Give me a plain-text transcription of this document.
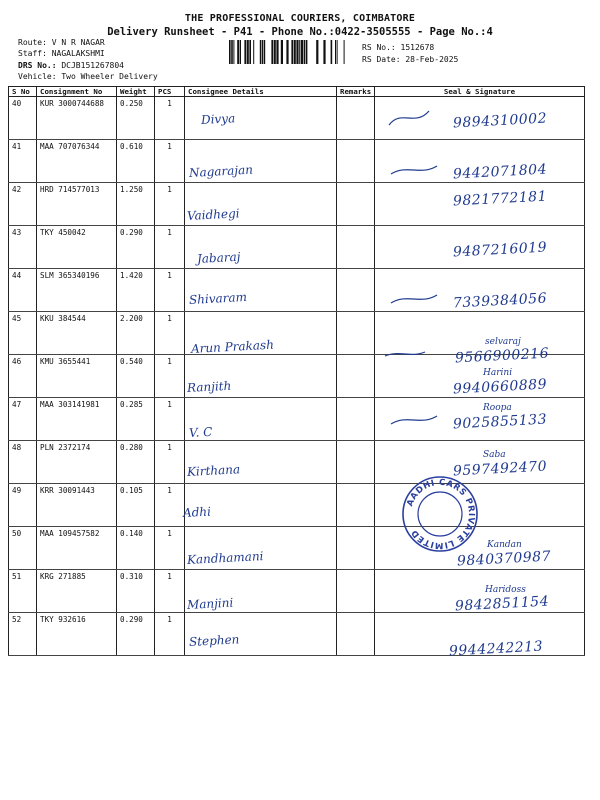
THE PROFESSIONAL COURIERS, COIMBATORE
Delivery Runsheet - P41 - Phone No.:0422-3505555 - Page No.:4
Route: V N R NAGAR
Staff: NAGALAKSHMI
DRS No.: DCJB151267804
Vehicle: Two Wheeler Delivery
RS No.: 1512678
RS Date: 28-Feb-2025
S No	Consignment No	Weight	PCS	Consignee Details	Remarks	Seal & Signature
40	KUR 3000744688	0.250	1	Divya		9894310002

41	MAA 707076344	0.610	1	Nagarajan		9442071804

42	HRD 714577013	1.250	1	Vaidhegi		9821772181

43	TKY 450042	0.290	1	Jabaraj		9487216019

44	SLM 365340196	1.420	1	Shivaram		7339384056

45	KKU 384544	2.200	1	Arun Prakash		selvaraj
9566900216

46	KMU 3655441	0.540	1	Ranjith		Harini
9940660889

47	MAA 303141981	0.285	1	V. C		Roopa
9025855133

48	PLN 2372174	0.280	1	Kirthana		Saba
9597492470

49	KRR 30091443	0.105	1	Adhi		

50	MAA 109457582	0.140	1	Kandhamani		Kandan
9840370987

51	KRG 271885	0.310	1	Manjini		Haridoss
9842851154

52	TKY 932616	0.290	1	Stephen		9944242213
AADHI CARS PRIVATE LIMITED
